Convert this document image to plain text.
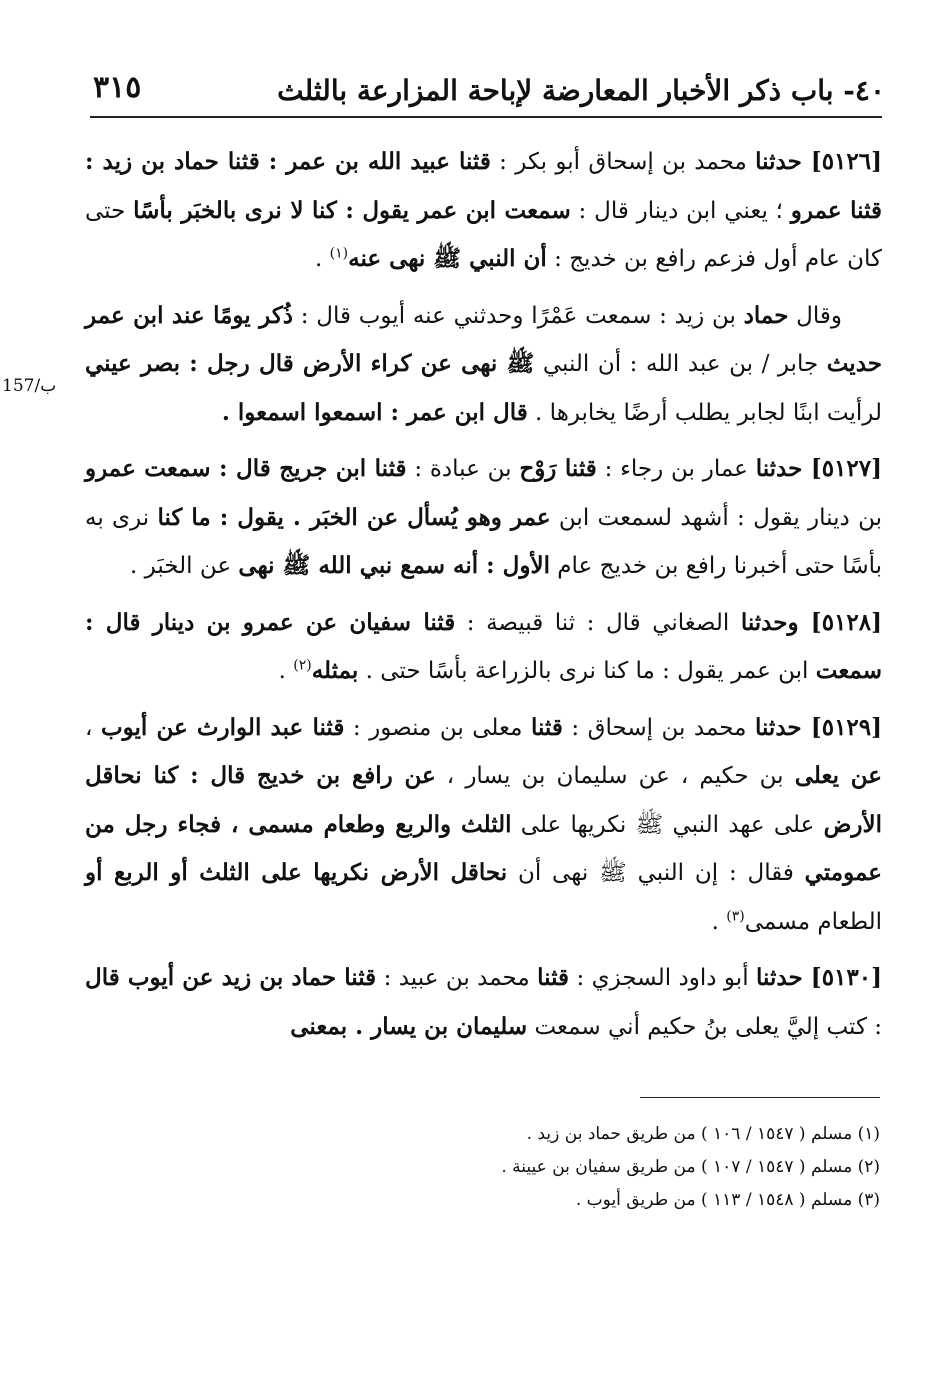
٣١٥	٤٠- باب ذكر الأخبار المعارضة لإباحة المزارعة بالثلث
157/ب

[٥١٢٦] حدثنا محمد بن إسحاق أبو بكر : قثنا عبيد الله بن عمر : قثنا حماد بن زيد : قثنا عمرو ؛ يعني ابن دينار قال : سمعت ابن عمر يقول : كنا لا نرى بالخبَر بأسًا حتى كان عام أول فزعم رافع بن خديج : أن النبي ﷺ نهى عنه$^{(١)}$ .

وقال حماد بن زيد : سمعت عَمْرًا وحدثني عنه أيوب قال : ذُكر يومًا عند ابن عمر حديث جابر / بن عبد الله : أن النبي ﷺ نهى عن كراء الأرض قال رجل : بصر عيني لرأيت ابنًا لجابر يطلب أرضًا يخابرها . قال ابن عمر : اسمعوا اسمعوا .

[٥١٢٧] حدثنا عمار بن رجاء : قثنا رَوْح بن عبادة : قثنا ابن جريج قال : سمعت عمرو بن دينار يقول : أشهد لسمعت ابن عمر وهو يُسأل عن الخبَر . يقول : ما كنا نرى به بأسًا حتى أخبرنا رافع بن خديج عام الأول : أنه سمع نبي الله ﷺ نهى عن الخبَر .

[٥١٢٨] وحدثنا الصغاني قال : ثنا قبيصة : قثنا سفيان عن عمرو بن دينار قال : سمعت ابن عمر يقول : ما كنا نرى بالزراعة بأسًا حتى . بمثله$^{(٢)}$ .

[٥١٢٩] حدثنا محمد بن إسحاق : قثنا معلى بن منصور : قثنا عبد الوارث عن أيوب ، عن يعلى بن حكيم ، عن سليمان بن يسار ، عن رافع بن خديج قال : كنا نحاقل الأرض على عهد النبي ﷺ نكريها على الثلث والربع وطعام مسمى ، فجاء رجل من عمومتي فقال : إن النبي ﷺ نهى أن نحاقل الأرض نكريها على الثلث أو الربع أو الطعام مسمى$^{(٣)}$ .

[٥١٣٠] حدثنا أبو داود السجزي : قثنا محمد بن عبيد : قثنا حماد بن زيد عن أيوب قال : كتب إليَّ يعلى بنُ حكيم أني سمعت سليمان بن يسار . بمعنى

(١) مسلم ( ١٥٤٧ / ١٠٦ ) من طريق حماد بن زيد .

(٢) مسلم ( ١٥٤٧ / ١٠٧ ) من طريق سفيان بن عيينة .

(٣) مسلم ( ١٥٤٨ / ١١٣ ) من طريق أيوب .
